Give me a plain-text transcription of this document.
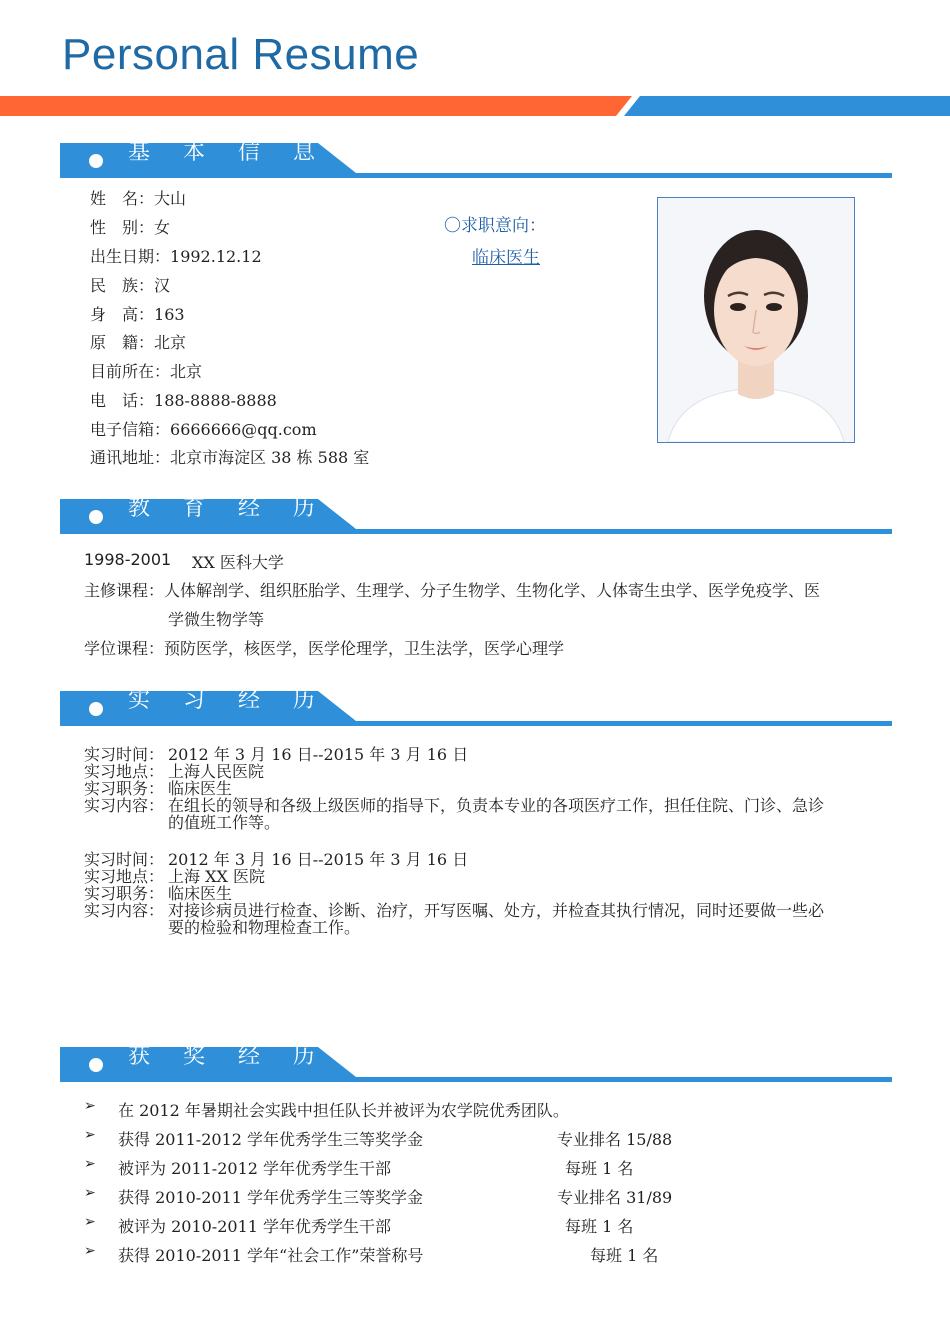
Personal Resume
基 本 信 息
姓　名：大山
性　别：女
出生日期：1992.12.12
民　族：汉
身　高：163
原　籍：北京
目前所在：北京
电　话：188-8888-8888
电子信箱：6666666@qq.com
通讯地址：北京市海淀区 38 栋 588 室
〇求职意向：
临床医生
教 育 经 历
1998-2001 XX 医科大学
主修课程：人体解剖学、组织胚胎学、生理学、分子生物学、生物化学、人体寄生虫学、医学免疫学、医
学微生物学等
学位课程：预防医学，核医学，医学伦理学，卫生法学，医学心理学
实 习 经 历
实习时间： 2012 年 3 月 16 日--2015 年 3 月 16 日
实习地点： 上海人民医院
实习职务： 临床医生
实习内容： 在组长的领导和各级上级医师的指导下，负责本专业的各项医疗工作，担任住院、门诊、急诊的值班工作等。
实习时间： 2012 年 3 月 16 日--2015 年 3 月 16 日
实习地点： 上海 XX 医院
实习职务： 临床医生
实习内容： 对接诊病员进行检查、诊断、治疗，开写医嘱、处方，并检查其执行情况，同时还要做一些必要的检验和物理检查工作。
获 奖 经 历
➢ 在 2012 年暑期社会实践中担任队长并被评为农学院优秀团队。
➢ 获得 2011-2012 学年优秀学生三等奖学金	专业排名 15/88
➢ 被评为 2011-2012 学年优秀学生干部	每班 1 名
➢ 获得 2010-2011 学年优秀学生三等奖学金	专业排名 31/89
➢ 被评为 2010-2011 学年优秀学生干部	每班 1 名
➢ 获得 2010-2011 学年“社会工作”荣誉称号	每班 1 名
